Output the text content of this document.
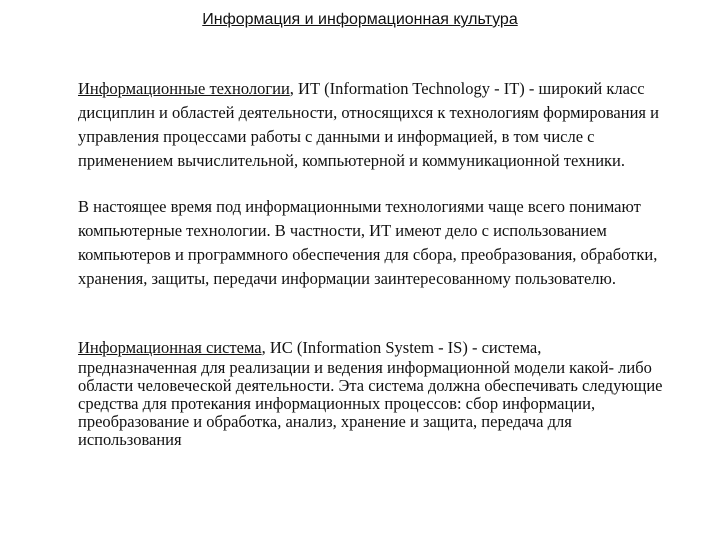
Информация и информационная культура

Информационные технологии, ИТ (Information Technology - IT) - широкий класс дисциплин и областей деятельности, относящихся к технологиям формирования и управления процессами работы с данными и информацией, в том числе с применением вычислительной, компьютерной и коммуникационной техники.

В настоящее время под информационными технологиями чаще всего понимают компьютерные технологии. В частности, ИТ имеют дело с использованием компьютеров и программного обеспечения для сбора, преобразования, обработки, хранения, защиты, передачи информации заинтересованному пользователю.

Информационная система, ИС (Information System - IS) - система,
предназначенная для реализации и ведения информационной модели какой- либо области человеческой деятельности. Эта система должна обеспечивать следующие средства для протекания информационных процессов: сбор информации, преобразование и обработка, анализ, хранение и защита, передача для использования
